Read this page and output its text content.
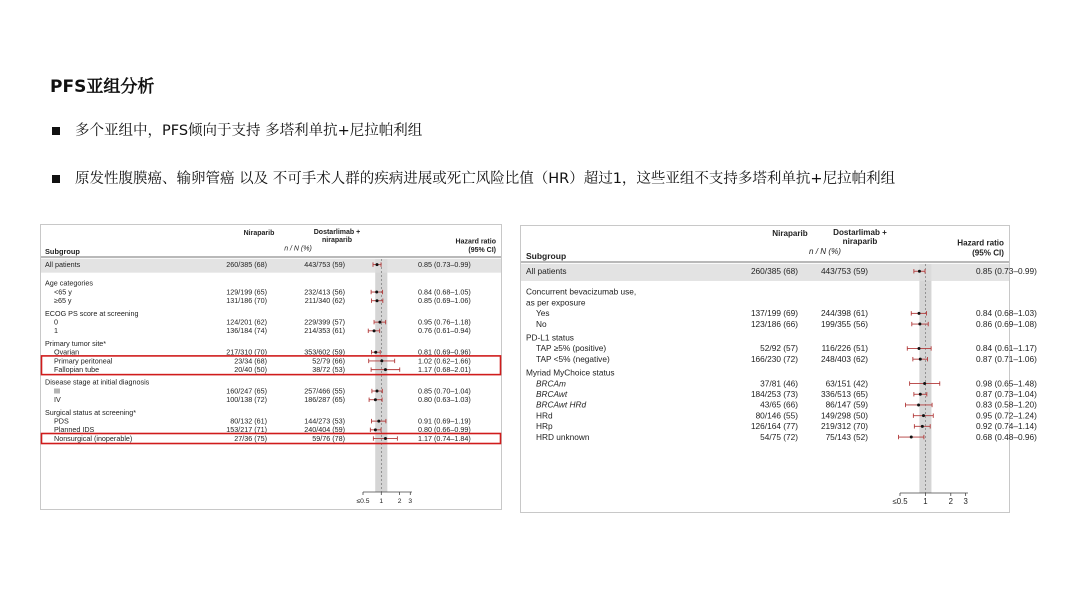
PFS亚组分析
多个亚组中，PFS倾向于支持 多塔利单抗+尼拉帕利组
原发性腹膜癌、输卵管癌 以及 不可手术人群的疾病进展或死亡风险比值（HR）超过1，这些亚组不支持多塔利单抗+尼拉帕利组
Niraparib	Dostarlimab +
niraparib
n / N (%)
Hazard ratio
(95% CI)
Subgroup
All patients	260/385 (68)	443/753 (59)	0.85 (0.73–0.99)
Age categories
<65 y	129/199 (65)	232/413 (56)	0.84 (0.68–1.05)
≥65 y	131/186 (70)	211/340 (62)	0.85 (0.69–1.06)
ECOG PS score at screening
0	124/201 (62)	229/399 (57)	0.95 (0.76–1.18)
1	136/184 (74)	214/353 (61)	0.76 (0.61–0.94)
Primary tumor site*
Ovarian	217/310 (70)	353/602 (59)	0.81 (0.69–0.96)
Primary peritoneal	23/34 (68)	52/79 (66)	1.02 (0.62–1.66)
Fallopian tube	20/40 (50)	38/72 (53)	1.17 (0.68–2.01)
Disease stage at initial diagnosis
III	160/247 (65)	257/466 (55)	0.85 (0.70–1.04)
IV	100/138 (72)	186/287 (65)	0.80 (0.63–1.03)
Surgical status at screening*
PDS	80/132 (61)	144/273 (53)	0.91 (0.69–1.19)
Planned IDS	153/217 (71)	240/404 (59)	0.80 (0.66–0.99)
Nonsurgical (inoperable)	27/36 (75)	59/76 (78)	1.17 (0.74–1.84)
≤0.5 1 2 3
Niraparib	Dostarlimab +
niraparib
n / N (%)
Hazard ratio
(95% CI)
Subgroup
All patients	260/385 (68)	443/753 (59)	0.85 (0.73–0.99)
Concurrent bevacizumab use,
as per exposure
Yes	137/199 (69)	244/398 (61)	0.84 (0.68–1.03)
No	123/186 (66)	199/355 (56)	0.86 (0.69–1.08)
PD-L1 status
TAP ≥5% (positive)	52/92 (57)	116/226 (51)	0.84 (0.61–1.17)
TAP <5% (negative)	166/230 (72)	248/403 (62)	0.87 (0.71–1.06)
Myriad MyChoice status
BRCAm	37/81 (46)	63/151 (42)	0.98 (0.65–1.48)
BRCAwt	184/253 (73)	336/513 (65)	0.87 (0.73–1.04)
BRCAwt HRd	43/65 (66)	86/147 (59)	0.83 (0.58–1.20)
HRd	80/146 (55)	149/298 (50)	0.95 (0.72–1.24)
HRp	126/164 (77)	219/312 (70)	0.92 (0.74–1.14)
HRD unknown	54/75 (72)	75/143 (52)	0.68 (0.48–0.96)
≤0.5 1	2 3
